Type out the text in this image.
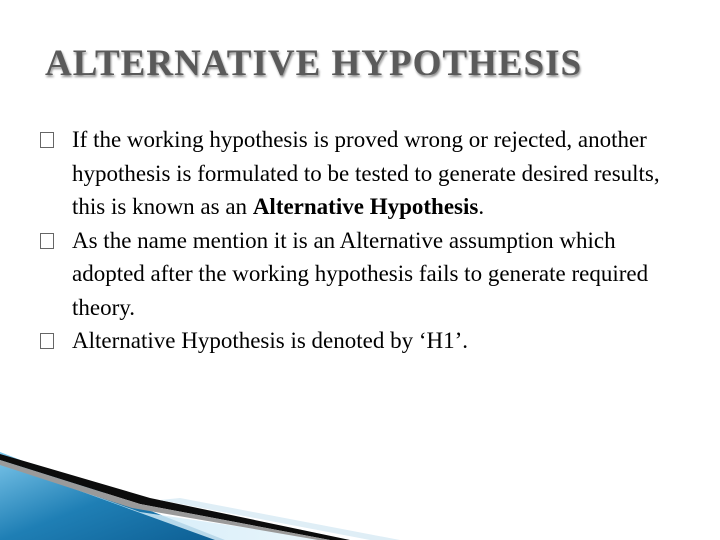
ALTERNATIVE HYPOTHESIS
If the working hypothesis is proved wrong or rejected, another hypothesis is formulated to be tested to generate desired results, this is known as an Alternative Hypothesis.
As the name mention it is an Alternative assumption which adopted after the working hypothesis fails to generate required theory.
Alternative Hypothesis is denoted by ‘H1’.
